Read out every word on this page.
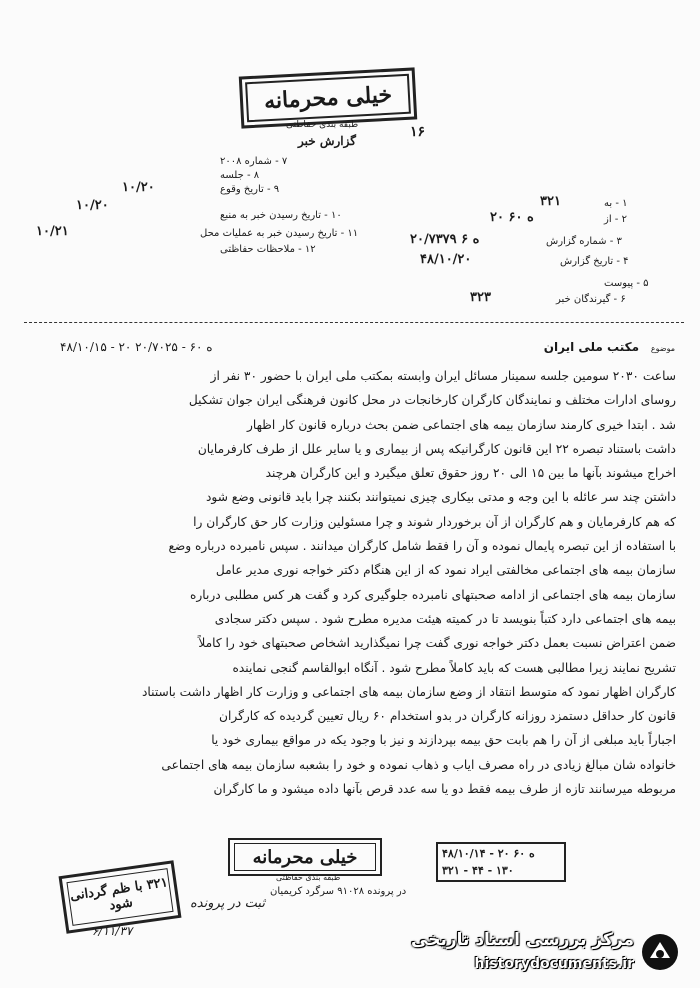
خیلی محرمانه
طبقه بندی حفاظتی
گزارش خبر
۱۶
۷ - شماره ۲۰۰۸
۸ - جلسه
۹ - تاریخ وقوع
۱۰ - تاریخ رسیدن خبر به منبع
۱۱ - تاریخ رسیدن خبر به عملیات محل
۱۲ - ملاحظات حفاظتی
۱۰/۲۰
۱۰/۲۰
۱۰/۲۱
۱ - به
۲ - از
۳ - شماره گزارش
۴ - تاریخ گزارش
۵ - پیوست
۶ - گیرندگان خبر
۳۲۱
۲۰ ه ۶۰
۲۰/۷۳۷۹ ه ۶
۴۸/۱۰/۲۰
۳۲۳
موضوع مکتب ملی ایران
۴۸/۱۰/۱۵ - ۲۰ ه ۶۰ - ۲۰/۷۰۲۵

ساعت ۲۰۳۰ سومین جلسه سمینار مسائل ایران وابسته بمکتب ملی ایران با حضور ۳۰ نفر از

روسای ادارات مختلف و نمایندگان کارگران کارخانجات در محل کانون فرهنگی ایران جوان تشکیل

شد . ابتدا خیری کارمند سازمان بیمه های اجتماعی ضمن بحث درباره قانون کار اظهار

داشت باستناد تبصره ۲۲ این قانون کارگرانیکه پس از بیماری و یا سایر علل از طرف کارفرمایان

اخراج میشوند بآنها ما بین ۱۵ الی ۲۰ روز حقوق تعلق میگیرد و این کارگران هرچند

داشتن چند سر عائله با این وجه و مدتی بیکاری چیزی نمیتوانند بکنند چرا باید قانونی وضع شود

که هم کارفرمایان و هم کارگران از آن برخوردار شوند و چرا مسئولین وزارت کار حق کارگران را

با استفاده از این تبصره پایمال نموده و آن را فقط شامل کارگران میدانند . سپس نامبرده درباره وضع

سازمان بیمه های اجتماعی مخالفتی ایراد نمود که از این هنگام دکتر خواجه نوری مدیر عامل

سازمان بیمه های اجتماعی از ادامه صحبتهای نامبرده جلوگیری کرد و گفت هر کس مطلبی درباره

بیمه های اجتماعی دارد کتباً بنویسد تا در کمیته هیئت مدیره مطرح شود . سپس دکتر سجادی

ضمن اعتراض نسبت بعمل دکتر خواجه نوری گفت چرا نمیگذارید اشخاص صحبتهای خود را کاملاً

تشریح نمایند زیرا مطالبی هست که باید کاملاً مطرح شود . آنگاه ابوالقاسم گنجی نماینده

کارگران اظهار نمود که متوسط انتقاد از وضع سازمان بیمه های اجتماعی و وزارت کار اظهار داشت باستناد

قانون کار حداقل دستمزد روزانه کارگران در بدو استخدام ۶۰ ریال تعیین گردیده که کارگران

اجباراً باید مبلغی از آن را هم بابت حق بیمه بپردازند و نیز با وجود یکه در مواقع بیماری خود یا

خانواده شان مبالغ زیادی در راه مصرف ایاب و ذهاب نموده و خود را بشعبه سازمان بیمه های اجتماعی

مربوطه میرسانند تازه از طرف بیمه فقط دو یا سه عدد قرص بآنها داده میشود و ما کارگران

خیلی محرمانه
طبقه بندی حفاظتی
۴۸/۱۰/۱۴ - ۲۰ ه ۶۰
۳۲۱ - ۴۴ - ۱۳۰
۳۲۱ با ظم گردانی شود
در پرونده ۹۱۰۲۸ سرگرد کریمیان
ثبت در پرونده
۶/۱۱/۳۷	مرکز بررسی اسناد تاریخی
historydocuments.ir
